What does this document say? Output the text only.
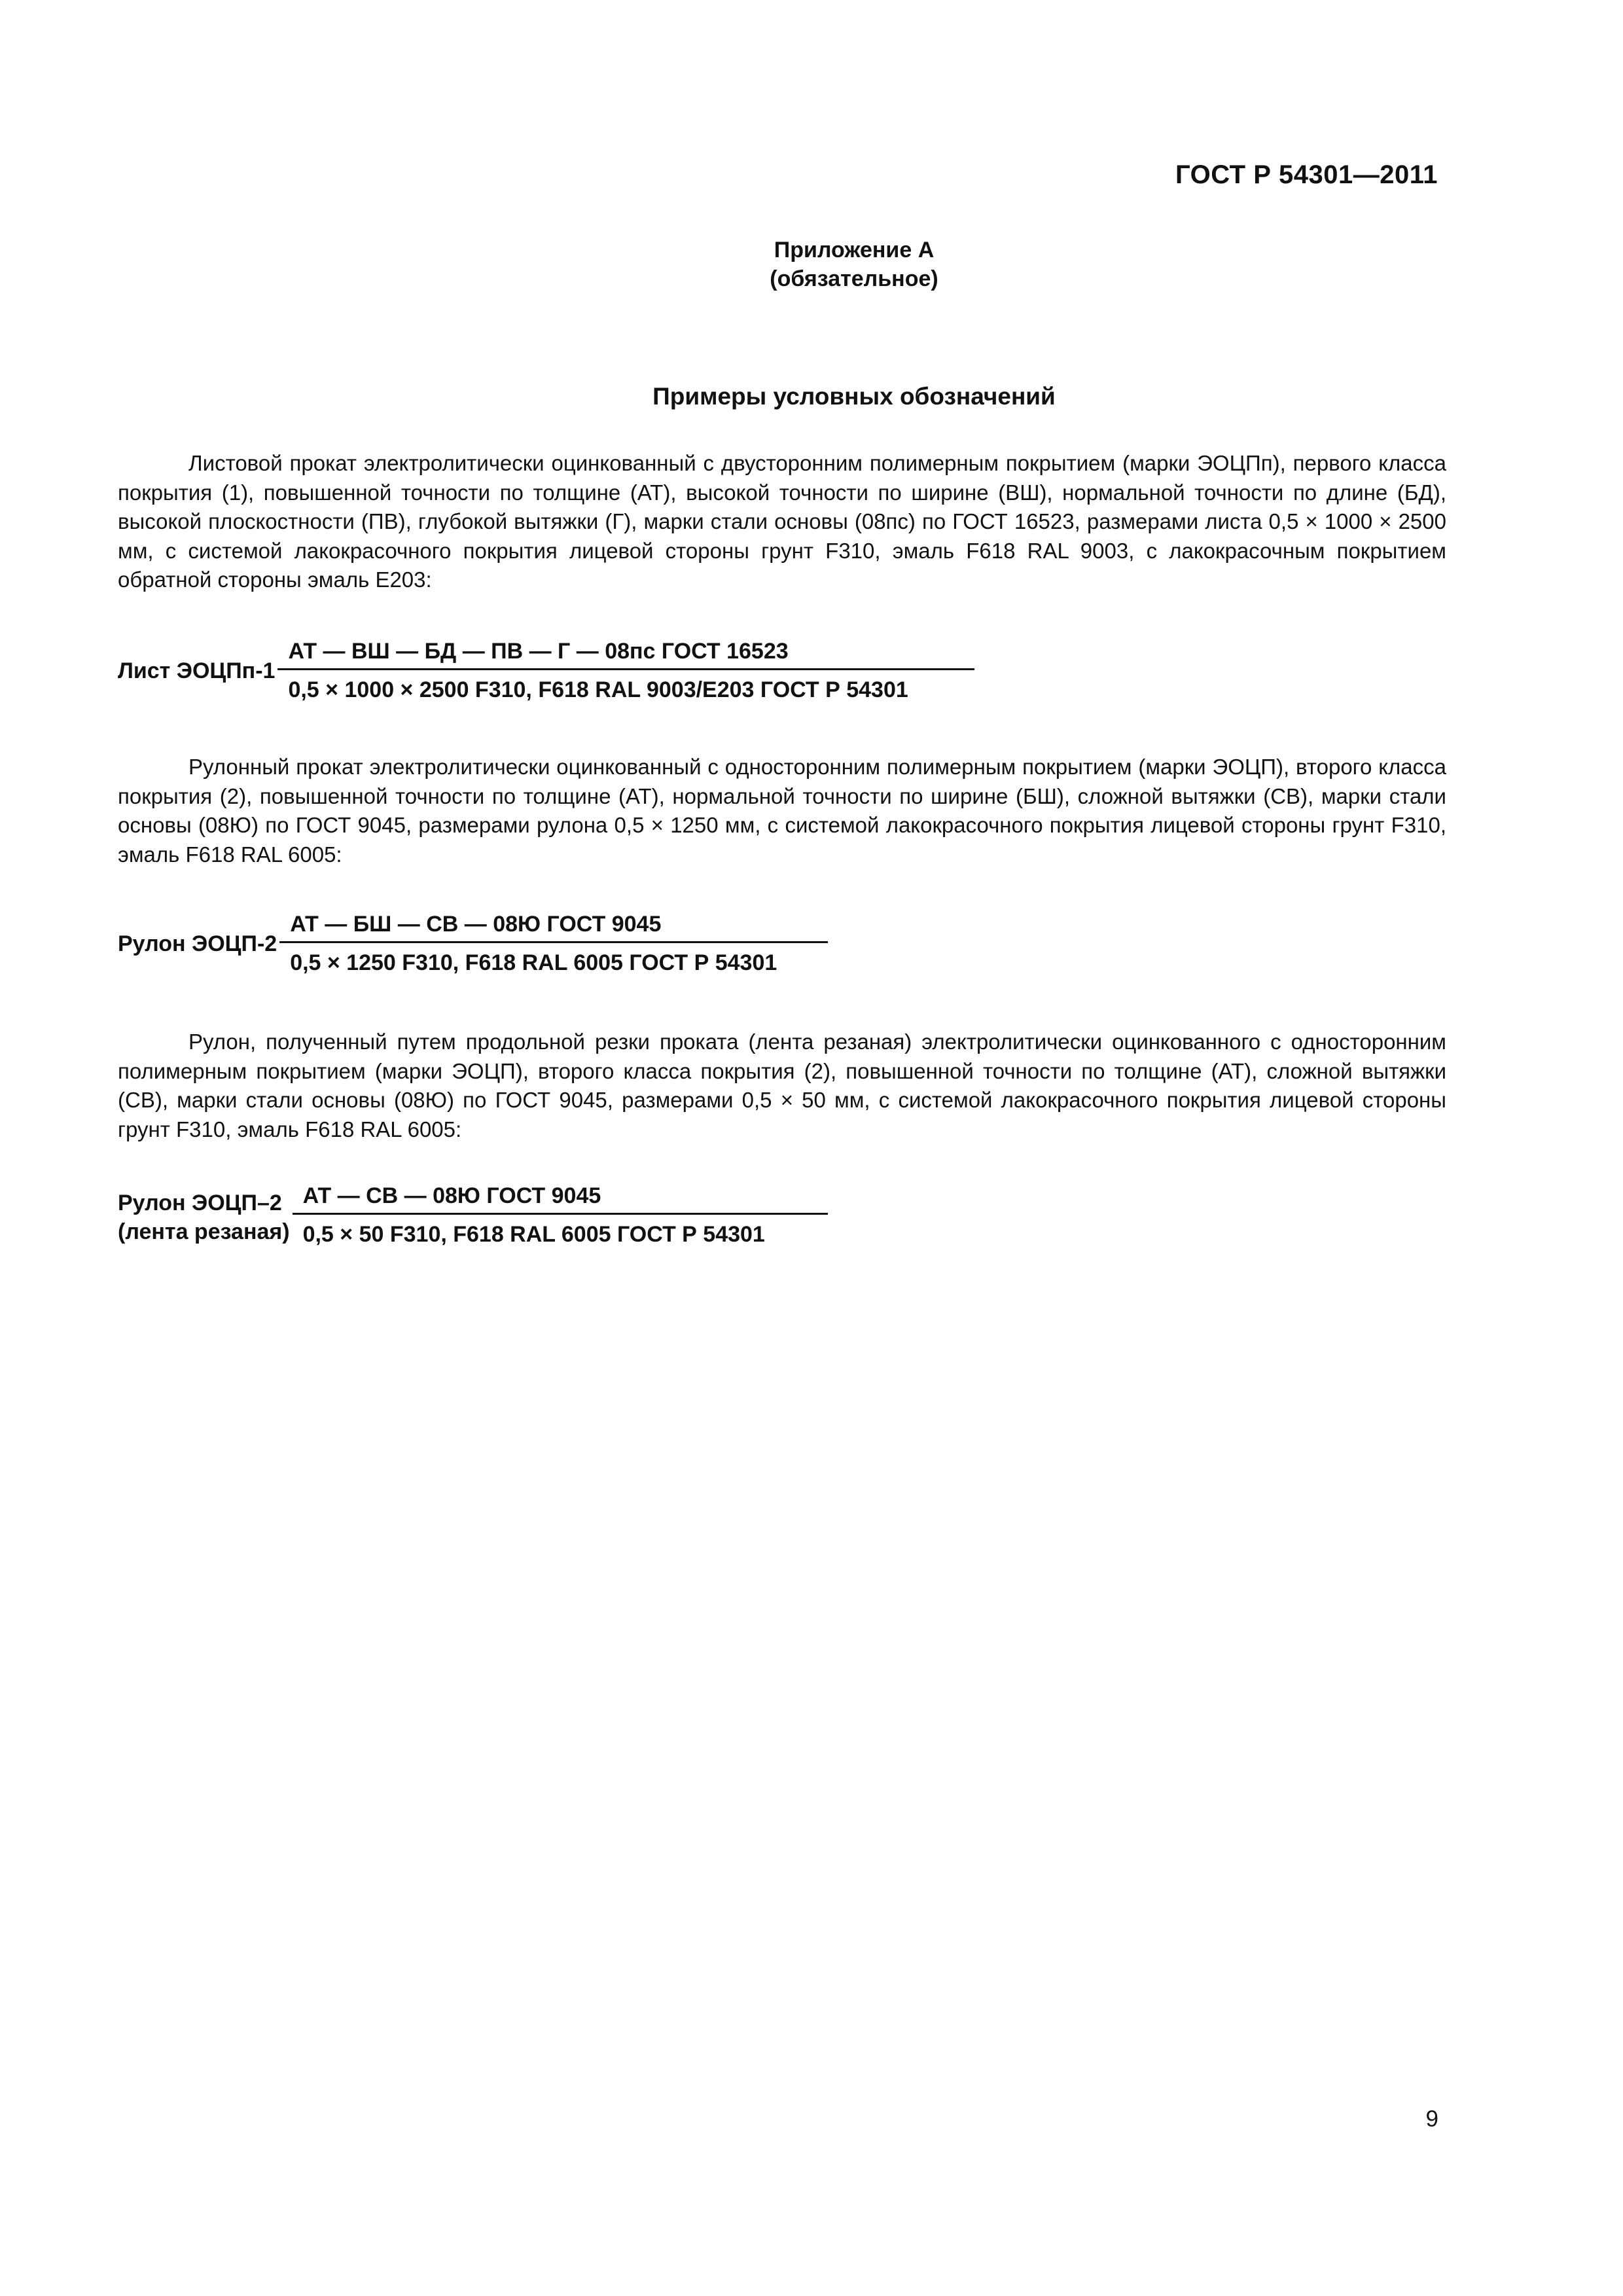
ГОСТ Р 54301—2011
Приложение А
(обязательное)
Примеры условных обозначений

Листовой прокат электролитически оцинкованный с двусторонним полимерным покрытием (марки ЭОЦПп), первого класса покрытия (1), повышенной точности по толщине (АТ), высокой точности по ширине (ВШ), нормальной точности по длине (БД), высокой плоскостности (ПВ), глубокой вытяжки (Г), марки стали основы (08пс) по ГОСТ 16523, размерами листа 0,5 × 1000 × 2500 мм, с системой лакокрасочного покрытия лицевой стороны грунт F310, эмаль F618 RAL 9003, с лакокрасочным покрытием обратной стороны эмаль Е203:

Лист ЭОЦПп-1 $\frac{\text{АТ — ВШ — БД — ПВ — Г — 08пс ГОСТ 16523}}{\text{0,5 × 1000 × 2500 F310, F618 RAL 9003/E203 ГОСТ Р 54301}}$

Рулонный прокат электролитически оцинкованный с односторонним полимерным покрытием (марки ЭОЦП), второго класса покрытия (2), повышенной точности по толщине (АТ), нормальной точности по ширине (БШ), сложной вытяжки (СВ), марки стали основы (08Ю) по ГОСТ 9045, размерами рулона 0,5 × 1250 мм, с системой лакокрасочного покрытия лицевой стороны грунт F310, эмаль F618 RAL 6005:

Рулон ЭОЦП-2 $\frac{\text{АТ — БШ — СВ — 08Ю ГОСТ 9045}}{\text{0,5 × 1250 F310, F618 RAL 6005 ГОСТ Р 54301}}$

Рулон, полученный путем продольной резки проката (лента резаная) электролитически оцинкованного с односторонним полимерным покрытием (марки ЭОЦП), второго класса покрытия (2), повышенной точности по толщине (АТ), сложной вытяжки (СВ), марки стали основы (08Ю) по ГОСТ 9045, размерами 0,5 × 50 мм, с системой лакокрасочного покрытия лицевой стороны грунт F310, эмаль F618 RAL 6005:

Рулон ЭОЦП–2
(лента резаная) $\frac{\text{АТ — СВ — 08Ю ГОСТ 9045}}{\text{0,5 × 50 F310, F618 RAL 6005 ГОСТ Р 54301}}$
9
